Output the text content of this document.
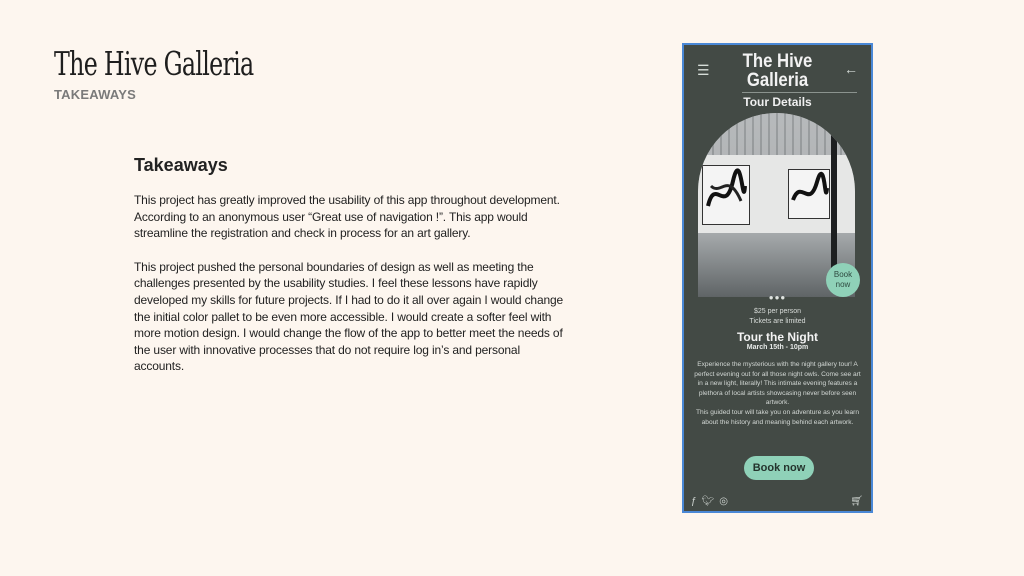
The Hive Galleria
TAKEAWAYS
Takeaways

This project has greatly improved the usability of this app throughout development. According to an anonymous user “Great use of navigation !”. This app would streamline the registration and check in process for an art gallery.

This project pushed the personal boundaries of design as well as meeting the challenges presented by the usability studies. I feel these lessons have rapidly developed my skills for future projects. If I had to do it all over again I would change the initial color pallet to be even more accessible. I would create a softer feel with more motion design. I would change the flow of the app to better meet the needs of the user with innovative processes that do not require log in’s and personal accounts.

☰	The Hive
Galleria
←
Tour Details
Book
now
●●●
$25 per person
Tickets are limited
Tour the Night
March 15th - 10pm
Experience the mysterious with the night gallery tour! A perfect evening out for all those night owls. Come see art in a new light, literally! This intimate evening features a plethora of local artists showcasing never before seen artwork.
This guided tour will take you on adventure as you learn about the history and meaning behind each artwork.
Book now
ƒ 🐦︎ ◎	🛒︎
